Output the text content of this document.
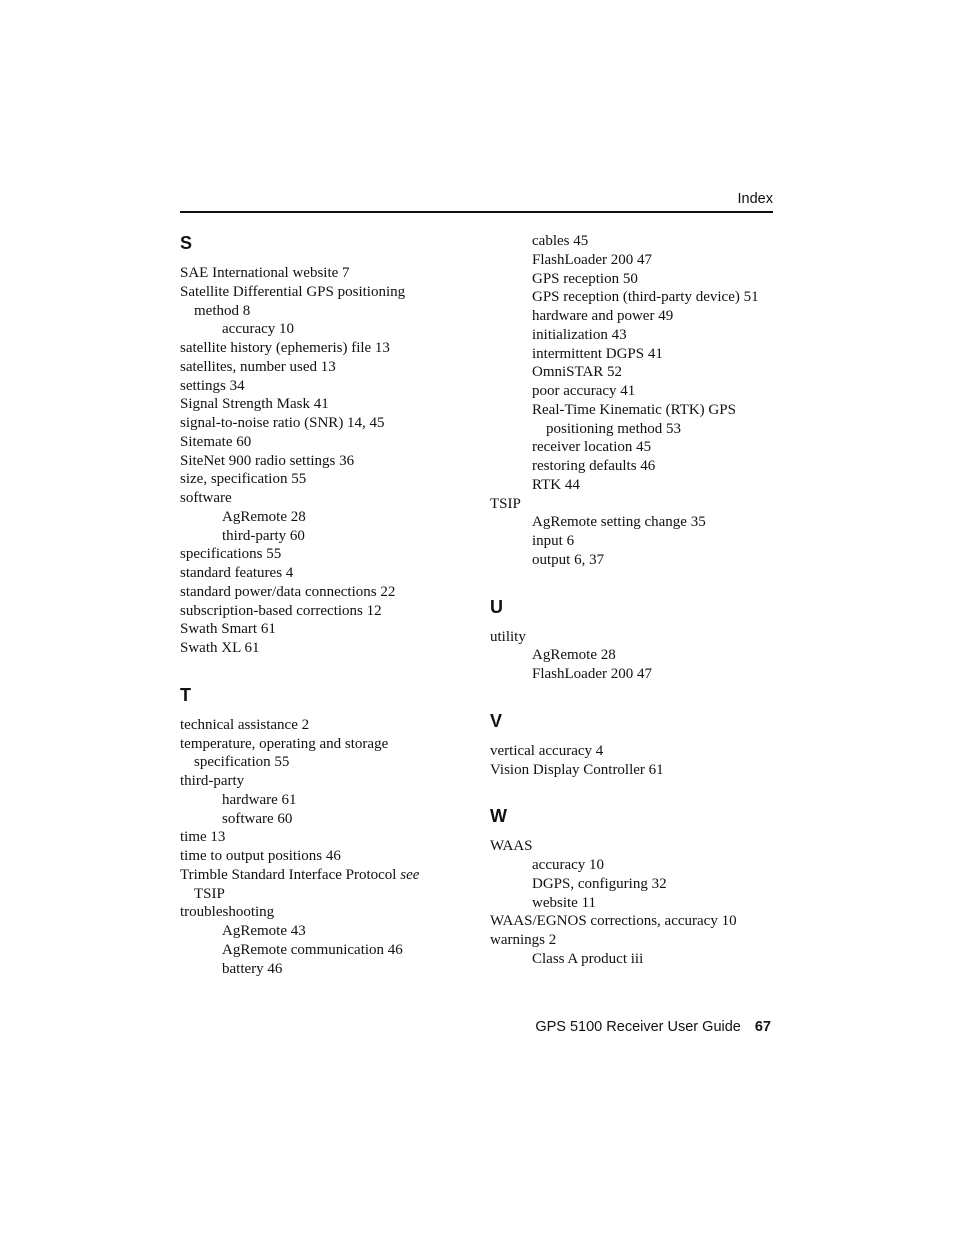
Index
S
SAE International website 7
Satellite Differential GPS positioning
method 8
accuracy 10
satellite history (ephemeris) file 13
satellites, number used 13
settings 34
Signal Strength Mask 41
signal-to-noise ratio (SNR) 14, 45
Sitemate 60
SiteNet 900 radio settings 36
size, specification 55
software
AgRemote 28
third-party 60
specifications 55
standard features 4
standard power/data connections 22
subscription-based corrections 12
Swath Smart 61
Swath XL 61
T
technical assistance 2
temperature, operating and storage
specification 55
third-party
hardware 61
software 60
time 13
time to output positions 46
Trimble Standard Interface Protocol see
TSIP
troubleshooting
AgRemote 43
AgRemote communication 46
battery 46
cables 45
FlashLoader 200 47
GPS reception 50
GPS reception (third-party device) 51
hardware and power 49
initialization 43
intermittent DGPS 41
OmniSTAR 52
poor accuracy 41
Real-Time Kinematic (RTK) GPS
positioning method 53
receiver location 45
restoring defaults 46
RTK 44
TSIP
AgRemote setting change 35
input 6
output 6, 37
U
utility
AgRemote 28
FlashLoader 200 47
V
vertical accuracy 4
Vision Display Controller 61
W
WAAS
accuracy 10
DGPS, configuring 32
website 11
WAAS/EGNOS corrections, accuracy 10
warnings 2
Class A product iii
GPS 5100 Receiver User Guide 67
